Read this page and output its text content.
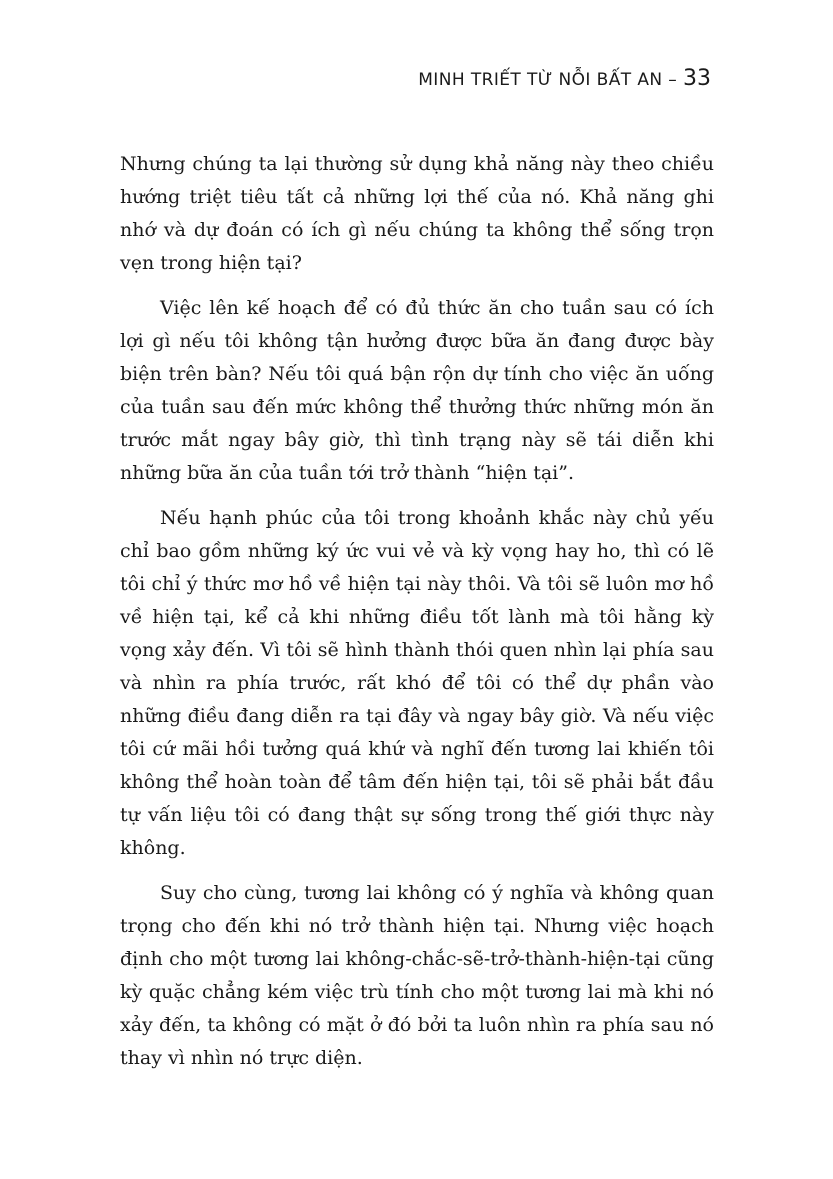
MINH TRIẾT TỪ NỖI BẤT AN – 33

Nhưng chúng ta lại thường sử dụng khả năng này theo chiều hướng triệt tiêu tất cả những lợi thế của nó. Khả năng ghi nhớ và dự đoán có ích gì nếu chúng ta không thể sống trọn vẹn trong hiện tại?

Việc lên kế hoạch để có đủ thức ăn cho tuần sau có ích lợi gì nếu tôi không tận hưởng được bữa ăn đang được bày biện trên bàn? Nếu tôi quá bận rộn dự tính cho việc ăn uống của tuần sau đến mức không thể thưởng thức những món ăn trước mắt ngay bây giờ, thì tình trạng này sẽ tái diễn khi những bữa ăn của tuần tới trở thành “hiện tại”.

Nếu hạnh phúc của tôi trong khoảnh khắc này chủ yếu chỉ bao gồm những ký ức vui vẻ và kỳ vọng hay ho, thì có lẽ tôi chỉ ý thức mơ hồ về hiện tại này thôi. Và tôi sẽ luôn mơ hồ về hiện tại, kể cả khi những điều tốt lành mà tôi hằng kỳ vọng xảy đến. Vì tôi sẽ hình thành thói quen nhìn lại phía sau và nhìn ra phía trước, rất khó để tôi có thể dự phần vào những điều đang diễn ra tại đây và ngay bây giờ. Và nếu việc tôi cứ mãi hồi tưởng quá khứ và nghĩ đến tương lai khiến tôi không thể hoàn toàn để tâm đến hiện tại, tôi sẽ phải bắt đầu tự vấn liệu tôi có đang thật sự sống trong thế giới thực này không.

Suy cho cùng, tương lai không có ý nghĩa và không quan trọng cho đến khi nó trở thành hiện tại. Nhưng việc hoạch định cho một tương lai không-chắc-sẽ-trở-thành-hiện-tại cũng kỳ quặc chẳng kém việc trù tính cho một tương lai mà khi nó xảy đến, ta không có mặt ở đó bởi ta luôn nhìn ra phía sau nó thay vì nhìn nó trực diện.
